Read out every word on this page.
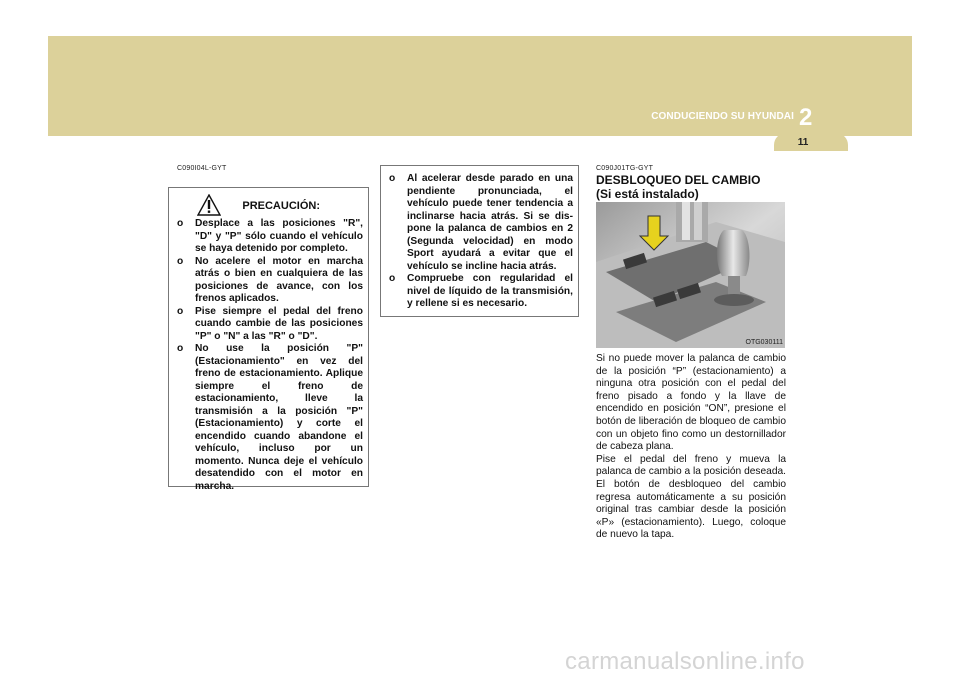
CONDUCIENDO SU HYUNDAI 2
11
C090I04L-GYT
PRECAUCIÓN:
o Desplace a las posiciones "R", "D" y "P" sólo cuando el vehículo se haya detenido por completo.
o No acelere el motor en marcha atrás o bien en cualquiera de las posiciones de avance, con los frenos aplicados.
o Pise siempre el pedal del freno cuando cambie de las posiciones "P" o "N" a las "R" o "D".
o No use la posición "P" (Estacionamiento" en vez del freno de estacionamiento. Aplique siempre el freno de estacionamiento, lleve la transmisión a la posición "P" (Estacionamiento) y corte el encendido cuando abandone el vehículo, incluso por un momento. Nunca deje el vehículo desatendido con el motor en marcha.
o Al acelerar desde parado en una pendiente pronunciada, el vehículo puede tener tendencia a inclinarse hacia atrás. Si se dis-pone la palanca de cambios en 2 (Segunda velocidad) en modo Sport ayudará a evitar que el vehículo se incline hacia atrás.
o Compruebe con regularidad el nivel de líquido de la transmisión, y rellene si es necesario.
C090J01TG-GYT
DESBLOQUEO DEL CAMBIO
(Si está instalado)
OTG030111

Si no puede mover la palanca de cambio de la posición “P” (estacionamiento) a ninguna otra posición con el pedal del freno pisado a fondo y la llave de encendido en posición “ON”, presione el botón de liberación de bloqueo de cambio con un objeto fino como un destornillador de cabeza plana.

Pise el pedal del freno y mueva la palanca de cambio a la posición deseada. El botón de desbloqueo del cambio regresa automáticamente a su posición original tras cambiar desde la posición «P» (estacionamiento). Luego, coloque de nuevo la tapa.

carmanualsonline.info
